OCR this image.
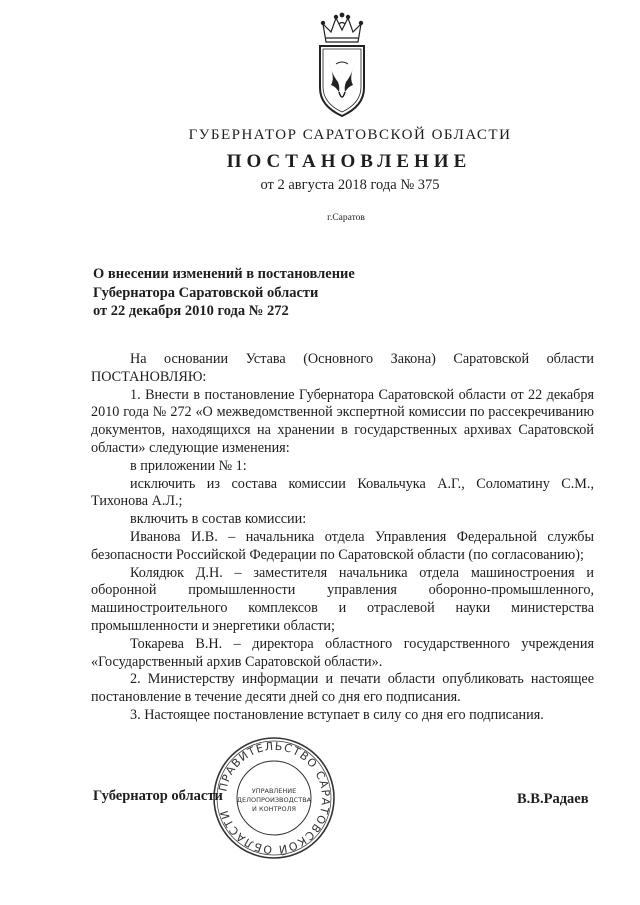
ГУБЕРНАТОР САРАТОВСКОЙ ОБЛАСТИ
ПОСТАНОВЛЕНИЕ
от 2 августа 2018 года № 375
г.Саратов
О внесении изменений в постановление
Губернатора Саратовской области
от 22 декабря 2010 года № 272

На основании Устава (Основного Закона) Саратовской области

ПОСТАНОВЛЯЮ:

1. Внести в постановление Губернатора Саратовской области от 22 декабря 2010 года № 272 «О межведомственной экспертной комиссии по рассекречиванию документов, находящихся на хранении в государственных архивах Саратовской области» следующие изменения:

в приложении № 1:

исключить из состава комиссии Ковальчука А.Г., Соломатину С.М., Тихонова А.Л.;

включить в состав комиссии:

Иванова И.В. – начальника отдела Управления Федеральной службы безопасности Российской Федерации по Саратовской области (по согласованию);

Колядюк Д.Н. – заместителя начальника отдела машиностроения и оборонной промышленности управления оборонно-промышленного, машиностроительного комплексов и отраслевой науки министерства промышленности и энергетики области;

Токарева В.Н. – директора областного государственного учреждения «Государственный архив Саратовской области».

2. Министерству информации и печати области опубликовать настоящее постановление в течение десяти дней со дня его подписания.

3. Настоящее постановление вступает в силу со дня его подписания.

ПРАВИТЕЛЬСТВО САРАТОВСКОЙ ОБЛАСТИ
УПРАВЛЕНИЕ
ДЕЛОПРОИЗВОДСТВА
И КОНТРОЛЯ
Губернатор области	В.В.Радаев
